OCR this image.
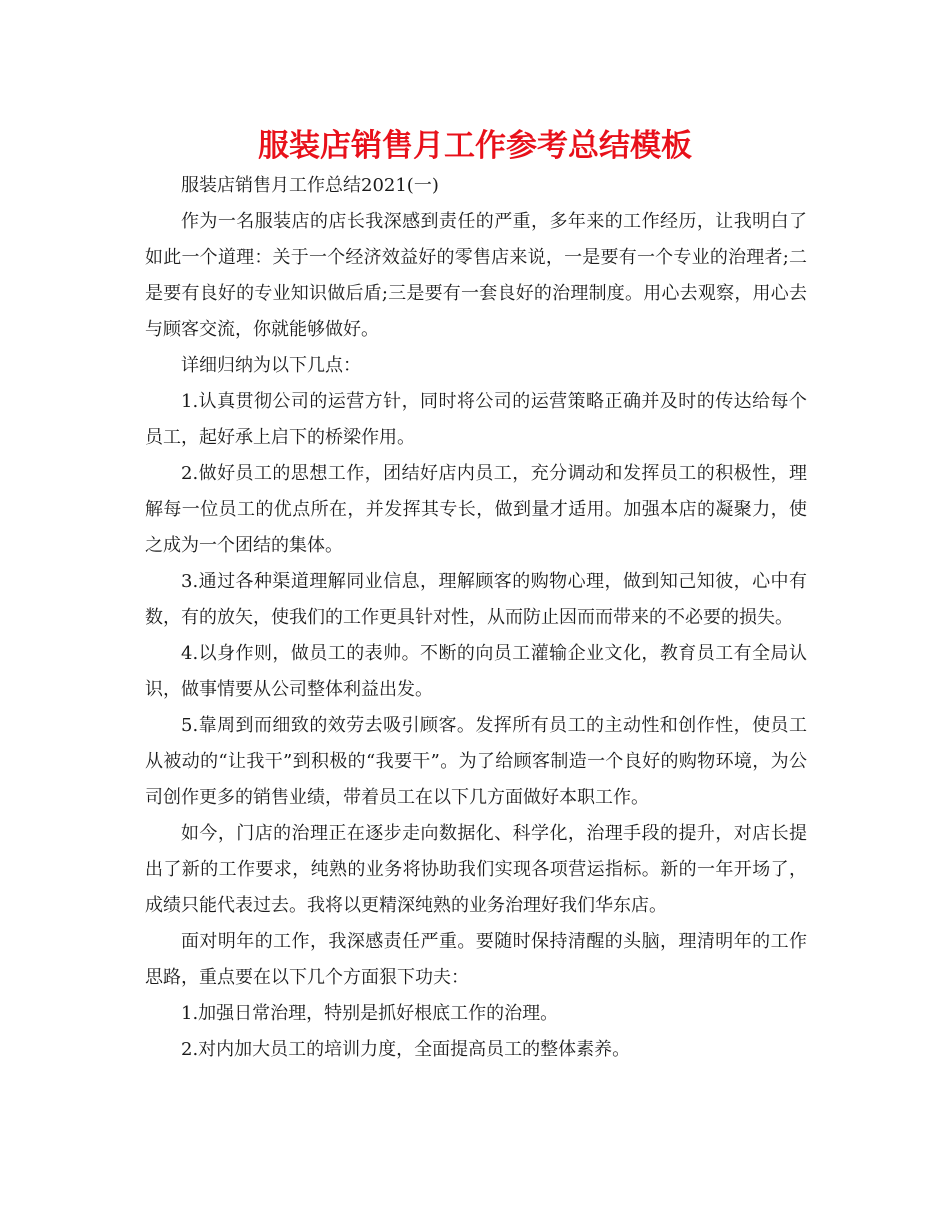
服装店销售月工作参考总结模板

服装店销售月工作总结2021(一)

作为一名服装店的店长我深感到责任的严重，多年来的工作经历，让我明白了如此一个道理：关于一个经济效益好的零售店来说，一是要有一个专业的治理者;二是要有良好的专业知识做后盾;三是要有一套良好的治理制度。用心去观察，用心去与顾客交流，你就能够做好。

详细归纳为以下几点：

1.认真贯彻公司的运营方针，同时将公司的运营策略正确并及时的传达给每个员工，起好承上启下的桥梁作用。

2.做好员工的思想工作，团结好店内员工，充分调动和发挥员工的积极性，理解每一位员工的优点所在，并发挥其专长，做到量才适用。加强本店的凝聚力，使之成为一个团结的集体。

3.通过各种渠道理解同业信息，理解顾客的购物心理，做到知己知彼，心中有数，有的放矢，使我们的工作更具针对性，从而防止因而而带来的不必要的损失。

4.以身作则，做员工的表帅。不断的向员工灌输企业文化，教育员工有全局认识，做事情要从公司整体利益出发。

5.靠周到而细致的效劳去吸引顾客。发挥所有员工的主动性和创作性，使员工从被动的“让我干”到积极的“我要干”。为了给顾客制造一个良好的购物环境，为公司创作更多的销售业绩，带着员工在以下几方面做好本职工作。

如今，门店的治理正在逐步走向数据化、科学化，治理手段的提升，对店长提出了新的工作要求，纯熟的业务将协助我们实现各项营运指标。新的一年开场了，成绩只能代表过去。我将以更精深纯熟的业务治理好我们华东店。

面对明年的工作，我深感责任严重。要随时保持清醒的头脑，理清明年的工作思路，重点要在以下几个方面狠下功夫：

1.加强日常治理，特别是抓好根底工作的治理。

2.对内加大员工的培训力度，全面提高员工的整体素养。
